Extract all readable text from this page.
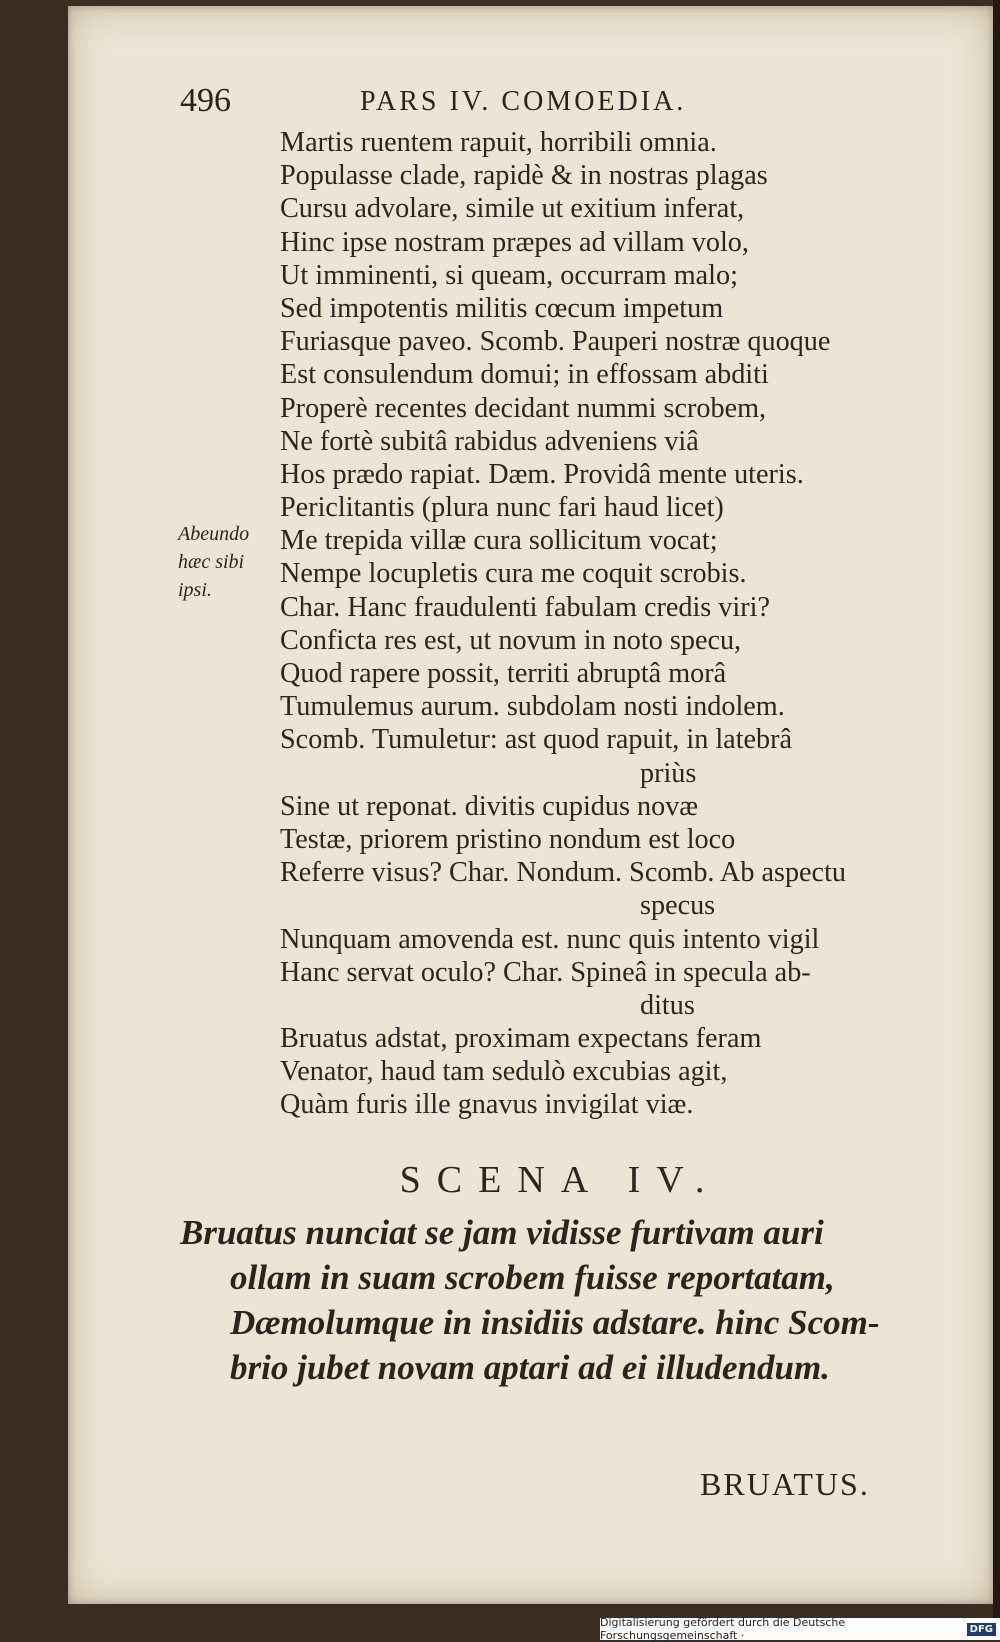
496	PARS IV. COMOEDIA.
Abeundo
hæc sibi
ipsi.
Martis ruentem rapuit, horribili omnia.
Populasse clade, rapidè & in nostras plagas
Cursu advolare, simile ut exitium inferat,
Hinc ipse nostram præpes ad villam volo,
Ut imminenti, si queam, occurram malo;
Sed impotentis militis cœcum impetum
Furiasque paveo. Scomb. Pauperi nostræ quoque
Est consulendum domui; in effossam abditi
Properè recentes decidant nummi scrobem,
Ne fortè subitâ rabidus adveniens viâ
Hos prædo rapiat. Dæm. Providâ mente uteris.
Periclitantis (plura nunc fari haud licet)
Me trepida villæ cura sollicitum vocat;
Nempe locupletis cura me coquit scrobis.
Char. Hanc fraudulenti fabulam credis viri?
Conficta res est, ut novum in noto specu,
Quod rapere possit, territi abruptâ morâ
Tumulemus aurum. subdolam nosti indolem.
Scomb. Tumuletur: ast quod rapuit, in latebrâ
priùs
Sine ut reponat. divitis cupidus novæ
Testæ, priorem pristino nondum est loco
Referre visus? Char. Nondum. Scomb. Ab aspectu
specus
Nunquam amovenda est. nunc quis intento vigil
Hanc servat oculo? Char. Spineâ in specula ab-
ditus
Bruatus adstat, proximam expectans feram
Venator, haud tam sedulò excubias agit,
Quàm furis ille gnavus invigilat viæ.
SCENA IV.
Bruatus nunciat se jam vidisse furtivam auri
ollam in suam scrobem fuisse reportatam,
Dæmolumque in insidiis adstare. hinc Scom-
brio jubet novam aptari ad ei illudendum.
BRUATUS.
Digitalisierung gefördert durch die Deutsche Forschungsgemeinschaft ·	DFG
